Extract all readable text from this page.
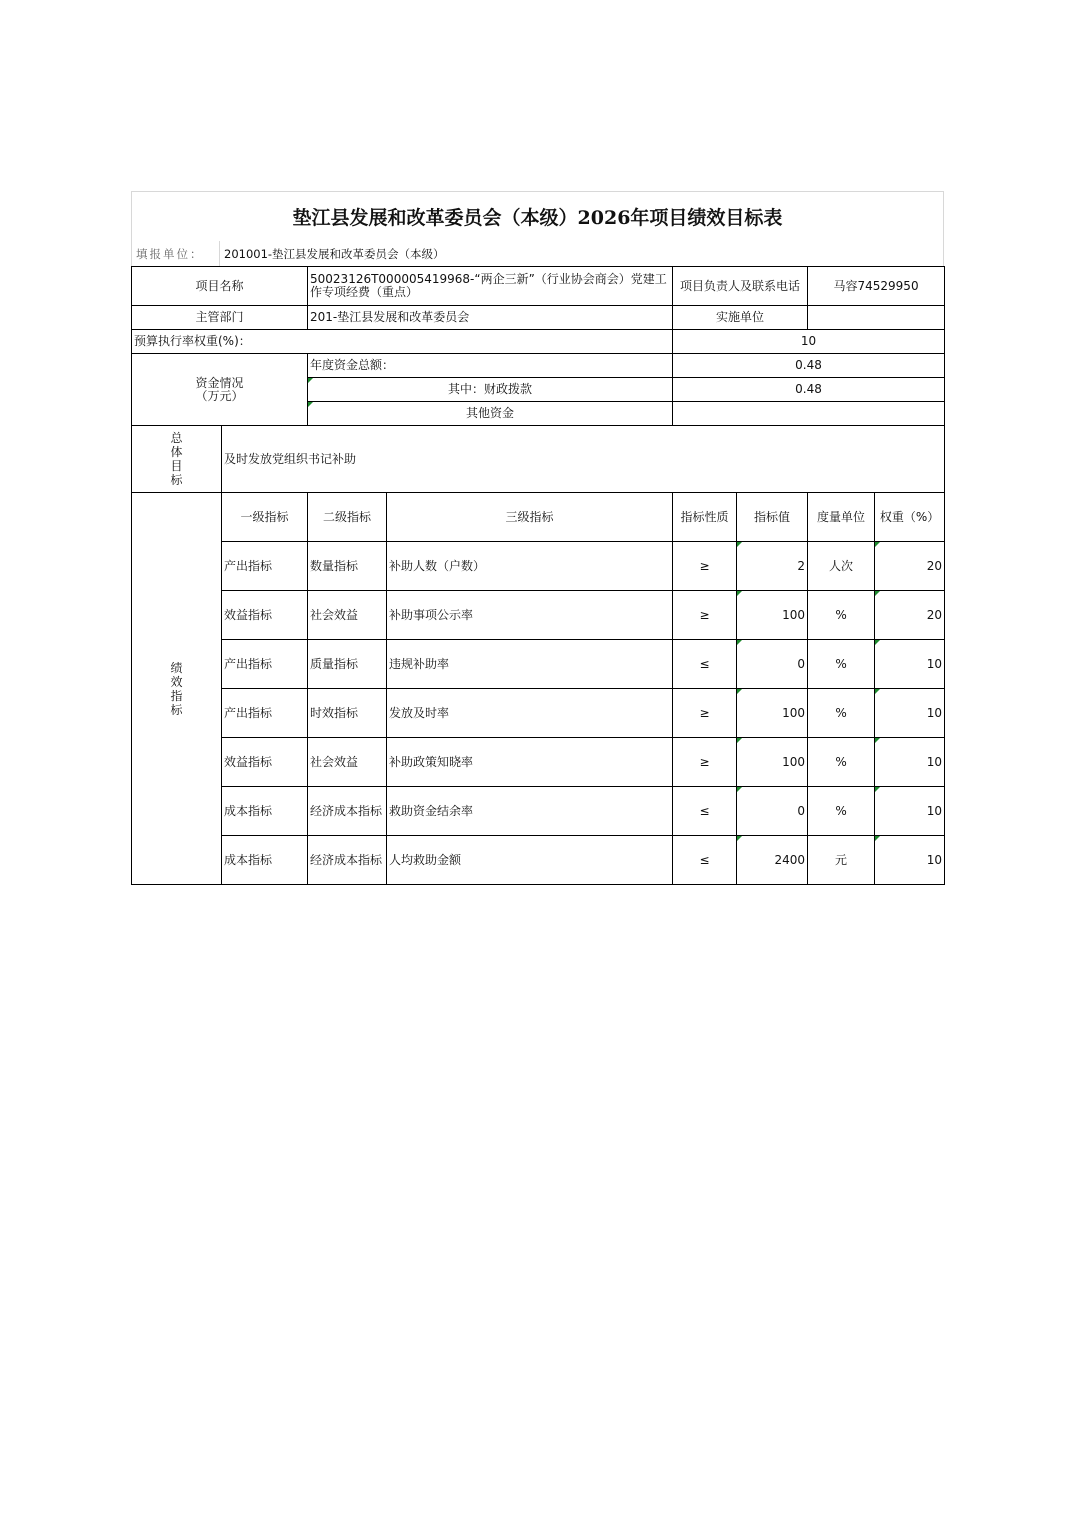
垫江县发展和改革委员会（本级）2026年项目绩效目标表
填报单位：	201001-垫江县发展和改革委员会（本级）
项目名称		50023126T000005419968-“两企三新”（行业协会商会）党建工作专项经费（重点）		项目负责人及联系电话		马容74529950	
主管部门		201-垫江县发展和改革委员会		实施单位			
预算执行率权重(%)：				10			

资金情况
（万元）		年度资金总额：		0.48			
		其中：财政拨款		0.48			
		其他资金					
总
体
目
标	及时发放党组织书记补助						
绩
效
指
标	一级指标	二级指标	三级指标	指标性质	指标值	度量单位	权重（%）
	产出指标	数量指标	补助人数（户数）	≥	2	人次	20
	效益指标	社会效益	补助事项公示率	≥	100	%	20
	产出指标	质量指标	违规补助率	≤	0	%	10
	产出指标	时效指标	发放及时率	≥	100	%	10
	效益指标	社会效益	补助政策知晓率	≥	100	%	10
	成本指标	经济成本指标	救助资金结余率	≤	0	%	10
	成本指标	经济成本指标	人均救助金额	≤	2400	元	10
